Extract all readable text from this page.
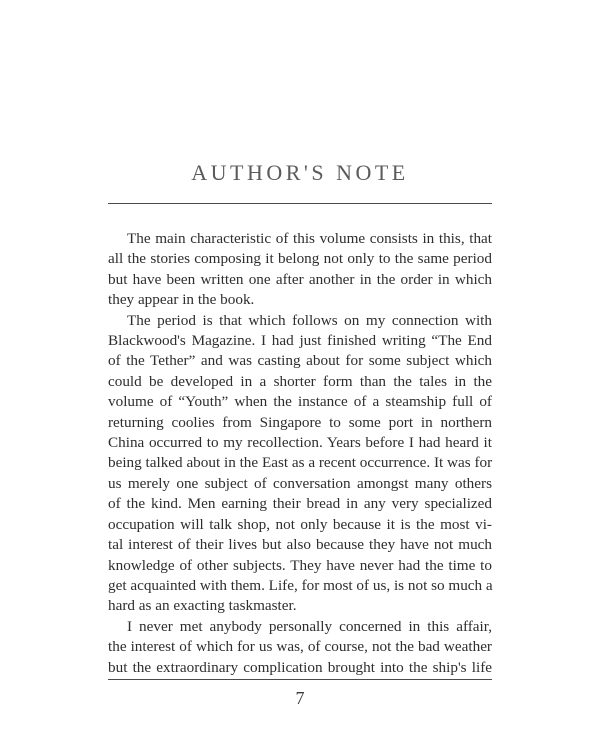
AUTHOR'S NOTE

The main characteristic of this volume consists in this, that
all the stories composing it belong not only to the same period
but have been written one after another in the order in which
they appear in the book.

The period is that which follows on my connection with
Blackwood's Magazine. I had just finished writing “The End
of the Tether” and was casting about for some subject which
could be developed in a shorter form than the tales in the
volume of “Youth” when the instance of a steamship full of
returning coolies from Singapore to some port in northern
China occurred to my recollection. Years before I had heard it
being talked about in the East as a recent occurrence. It was for
us merely one subject of conversation amongst many others
of the kind. Men earning their bread in any very specialized
occupation will talk shop, not only because it is the most vi-
tal interest of their lives but also because they have not much
knowledge of other subjects. They have never had the time to
get acquainted with them. Life, for most of us, is not so much a
hard as an exacting taskmaster.

I never met anybody personally concerned in this affair,
the interest of which for us was, of course, not the bad weather
but the extraordinary complication brought into the ship's life

7
